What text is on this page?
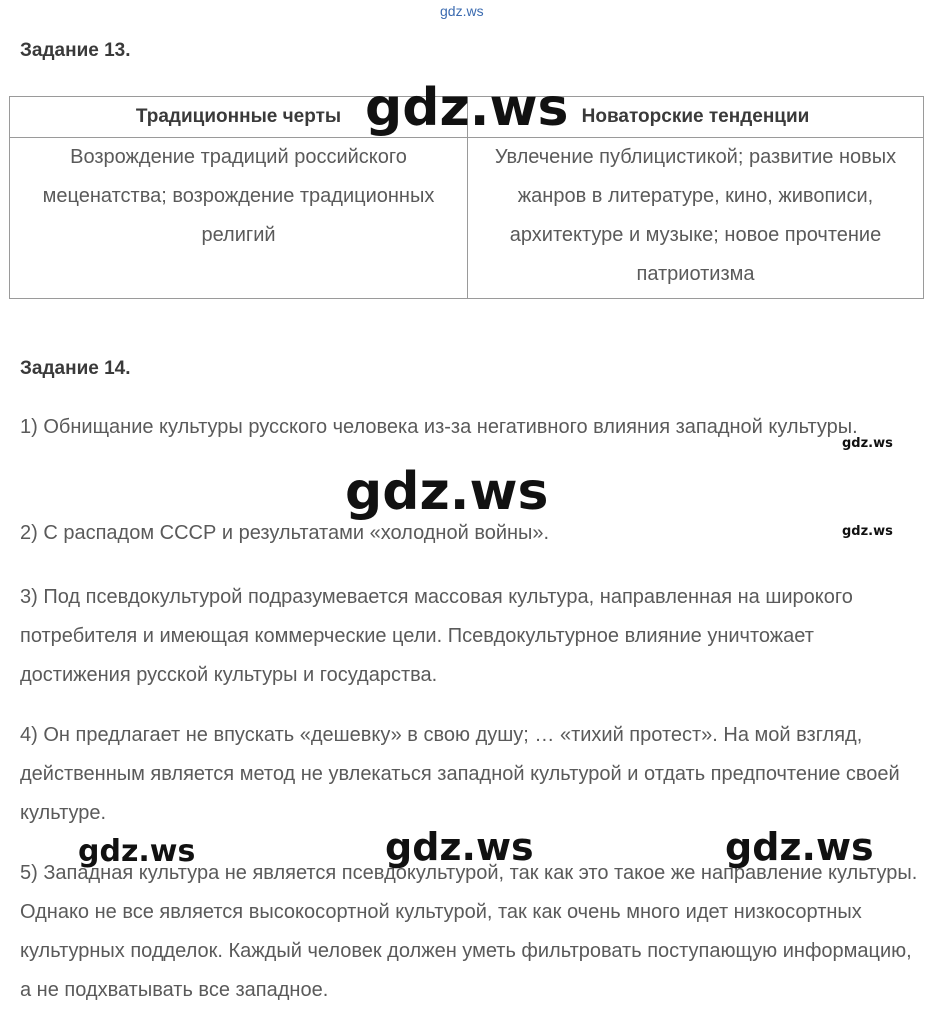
gdz.ws
Задание 13.
Традиционные черты	Новаторские тенденции
Возрождение традиций российского меценатства; возрождение традиционных религий	Увлечение публицистикой; развитие новых жанров в литературе, кино, живописи, архитектуре и музыке; новое прочтение патриотизма
Задание 14.
1) Обнищание культуры русского человека из-за негативного влияния западной культуры.
2) С распадом СССР и результатами «холодной войны».
3) Под псевдокультурой подразумевается массовая культура, направленная на широкого потребителя и имеющая коммерческие цели. Псевдокультурное влияние уничтожает достижения русской культуры и государства.
4) Он предлагает не впускать «дешевку» в свою душу; … «тихий протест». На мой взгляд, действенным является метод не увлекаться западной культурой и отдать предпочтение своей культуре.
5) Западная культура не является псевдокультурой, так как это такое же направление культуры. Однако не все является высокосортной культурой, так как очень много идет низкосортных культурных подделок. Каждый человек должен уметь фильтровать поступающую информацию, а не подхватывать все западное.
gdz.ws
gdz.ws
gdz.ws
gdz.ws
gdz.ws	gdz.ws	gdz.ws
